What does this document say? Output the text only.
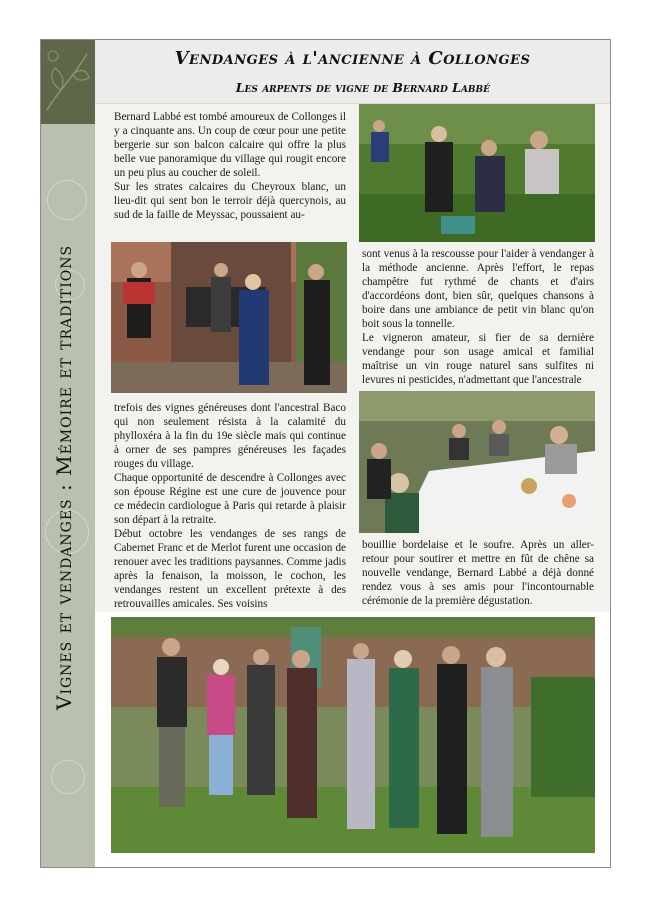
Vignes et vendanges : Mémoire et traditions
Vendanges à l'ancienne à Collonges
Les arpents de vigne de Bernard Labbé

Bernard Labbé est tombé amoureux de Collonges il y a cinquante ans. Un coup de cœur pour une petite bergerie sur son balcon calcaire qui offre la plus belle vue panoramique du village qui rougit encore un peu plus au coucher de soleil.

Sur les strates calcaires du Cheyroux blanc, un lieu-dit qui sent bon le terroir déjà quercynois, au sud de la faille de Meyssac, poussaient au-

trefois des vignes généreuses dont l'ancestral Baco qui non seulement résista à la calamité du phylloxéra à la fin du 19e siècle mais qui continue à orner de ses pampres généreuses les façades rouges du village.

Chaque opportunité de descendre à Collonges avec son épouse Régine est une cure de jouvence pour ce médecin cardiologue à Paris qui retarde à plaisir son départ à la retraite.

Début octobre les vendanges de ses rangs de Cabernet Franc et de Merlot furent une occasion de renouer avec les traditions paysannes. Comme jadis après la fenaison, la moisson, le cochon, les vendanges restent un excellent prétexte à des retrouvailles amicales. Ses voisins

sont venus à la rescousse pour l'aider à vendanger à la méthode ancienne. Après l'effort, le repas champêtre fut rythmé de chants et d'airs d'accordéons dont, bien sûr, quelques chansons à boire dans une ambiance de petit vin blanc qu'on boit sous la tonnelle.

Le vigneron amateur, si fier de sa dernière vendange pour son usage amical et familial maîtrise un vin rouge naturel sans sulfites ni levures ni pesticides, n'admettant que l'ancestrale

bouillie bordelaise et le soufre. Après un aller-retour pour soutirer et mettre en fût de chêne sa nouvelle vendange, Bernard Labbé a déjà donné rendez vous à ses amis pour l'incontournable cérémonie de la première dégustation.
